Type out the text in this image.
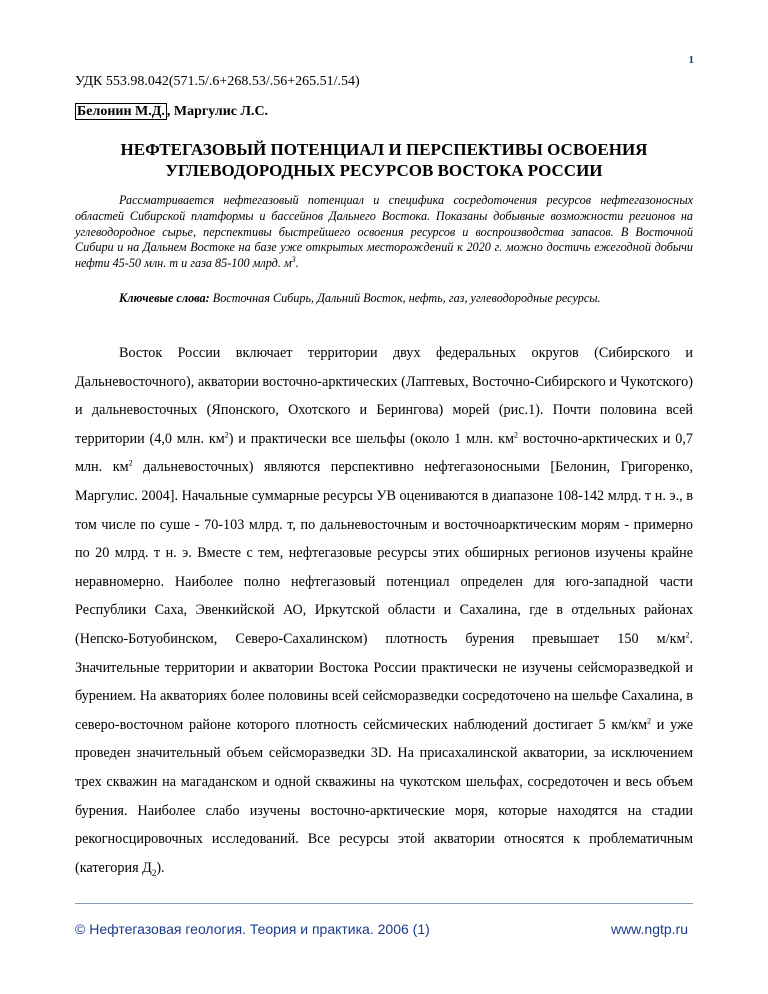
1
УДК 553.98.042(571.5/.6+268.53/.56+265.51/.54)
Белонин М.Д. , Маргулис Л.С.
НЕФТЕГАЗОВЫЙ ПОТЕНЦИАЛ И ПЕРСПЕКТИВЫ ОСВОЕНИЯ
УГЛЕВОДОРОДНЫХ РЕСУРСОВ ВОСТОКА РОССИИ

Рассматривается нефтегазовый потенциал и специфика сосредоточения ресурсов нефтегазоносных областей Сибирской платформы и бассейнов Дальнего Востока. Показаны добывные возможности регионов на углеводородное сырье, перспективы быстрейшего освоения ресурсов и воспроизводства запасов. В Восточной Сибири и на Дальнем Востоке на базе уже открытых месторождений к 2020 г. можно достичь ежегодной добычи нефти 45-50 млн. т и газа 85-100 млрд. $м^3$.

Ключевые слова: Восточная Сибирь, Дальний Восток, нефть, газ, углеводородные ресурсы.

Восток России включает территории двух федеральных округов (Сибирского и Дальневосточного), акватории восточно-арктических (Лаптевых, Восточно-Сибирского и Чукотского) и дальневосточных (Японского, Охотского и Берингова) морей (рис.1). Почти половина всей территории (4,0 млн. $км^2$) и практически все шельфы (около 1 млн. $км^2$ восточно-арктических и 0,7 млн. $км^2$ дальневосточных) являются перспективно нефтегазоносными [Белонин, Григоренко, Маргулис. 2004]. Начальные суммарные ресурсы УВ оцениваются в диапазоне 108-142 млрд. т н. э., в том числе по суше - 70-103 млрд. т, по дальневосточным и восточноарктическим морям - примерно по 20 млрд. т н. э. Вместе с тем, нефтегазовые ресурсы этих обширных регионов изучены крайне неравномерно. Наиболее полно нефтегазовый потенциал определен для юго-западной части Республики Саха, Эвенкийской АО, Иркутской области и Сахалина, где в отдельных районах (Непско-Ботуобинском, Северо-Сахалинском) плотность бурения превышает 150 $м/км^2$. Значительные территории и акватории Востока России практически не изучены сейсморазведкой и бурением. На акваториях более половины всей сейсморазведки сосредоточено на шельфе Сахалина, в северо-восточном районе которого плотность сейсмических наблюдений достигает 5 $км/км^2$ и уже проведен значительный объем сейсморазведки 3D. На присахалинской акватории, за исключением трех скважин на магаданском и одной скважины на чукотском шельфах, сосредоточен и весь объем бурения. Наиболее слабо изучены восточно-арктические моря, которые находятся на стадии рекогносцировочных исследований. Все ресурсы этой акватории относятся к проблематичным (категория $Д_2$).

© Нефтегазовая геология. Теория и практика. 2006 (1)	www.ngtp.ru
